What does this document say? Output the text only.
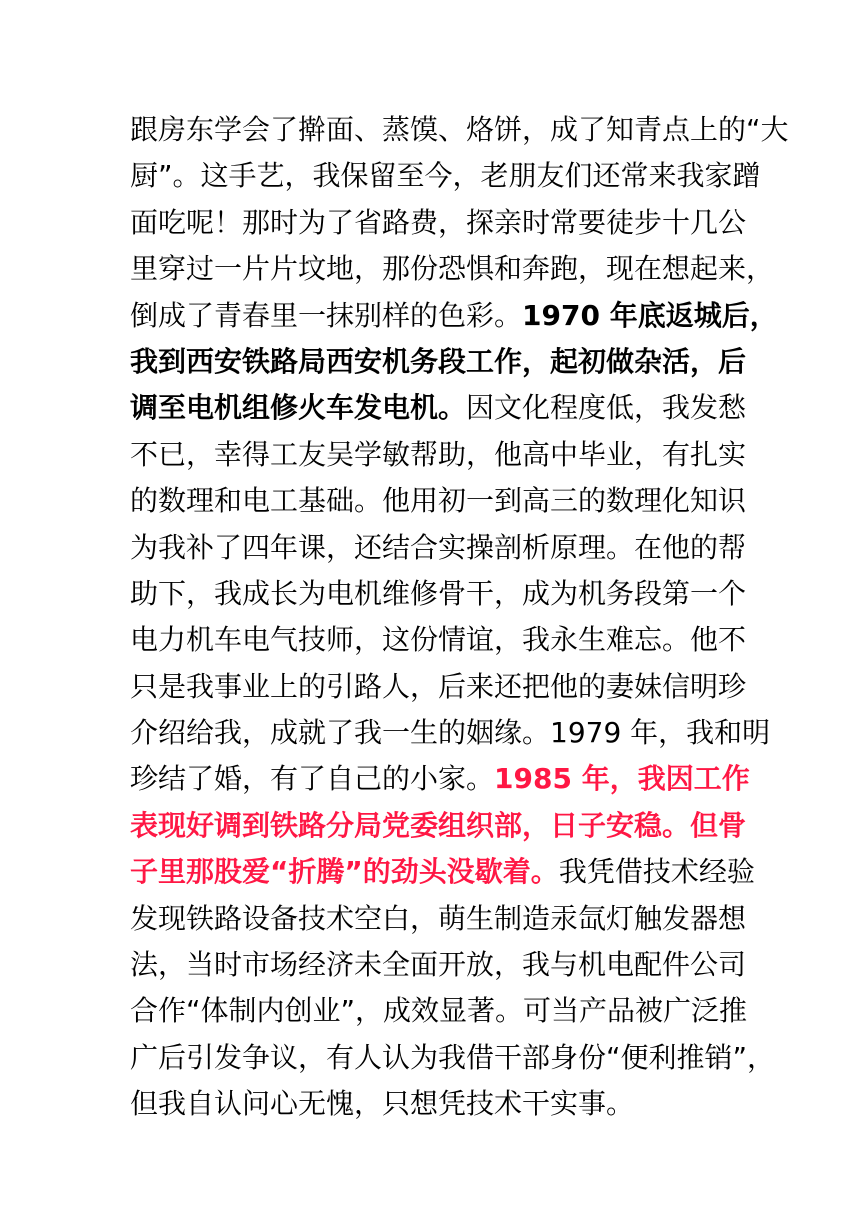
跟房东学会了擀面、蒸馍、烙饼，成了知青点上的“大
厨”。这手艺，我保留至今，老朋友们还常来我家蹭
面吃呢！那时为了省路费，探亲时常要徒步十几公
里穿过一片片坟地，那份恐惧和奔跑，现在想起来，
倒成了青春里一抹别样的色彩。1970 年底返城后，
我到西安铁路局西安机务段工作，起初做杂活，后
调至电机组修火车发电机。因文化程度低，我发愁
不已，幸得工友吴学敏帮助，他高中毕业，有扎实
的数理和电工基础。他用初一到高三的数理化知识
为我补了四年课，还结合实操剖析原理。在他的帮
助下，我成长为电机维修骨干，成为机务段第一个
电力机车电气技师，这份情谊，我永生难忘。他不
只是我事业上的引路人，后来还把他的妻妹信明珍
介绍给我，成就了我一生的姻缘。1979 年，我和明
珍结了婚，有了自己的小家。1985 年，我因工作
表现好调到铁路分局党委组织部，日子安稳。但骨
子里那股爱“折腾”的劲头没歇着。我凭借技术经验
发现铁路设备技术空白，萌生制造汞氙灯触发器想
法，当时市场经济未全面开放，我与机电配件公司
合作“体制内创业”，成效显著。可当产品被广泛推
广后引发争议，有人认为我借干部身份“便利推销”，
但我自认问心无愧，只想凭技术干实事。
